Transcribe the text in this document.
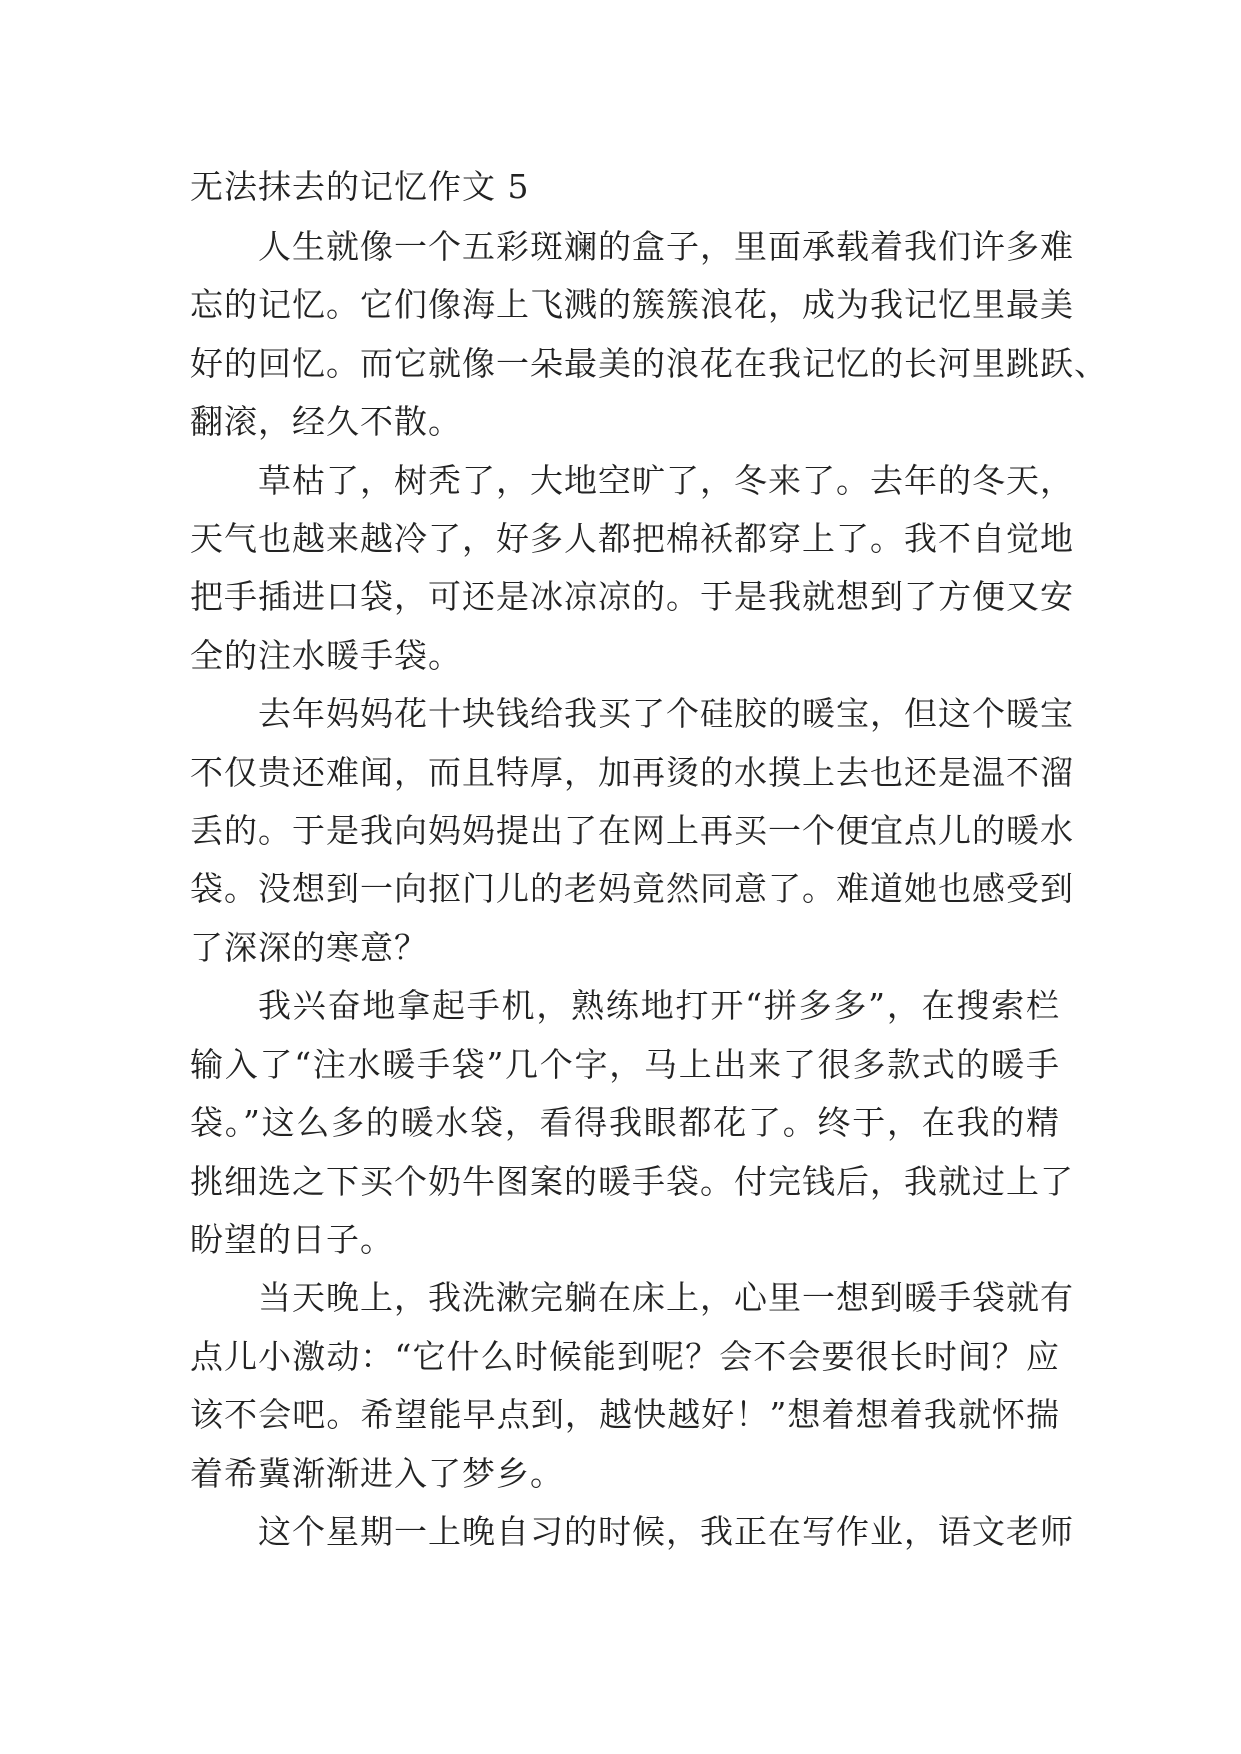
无法抹去的记忆作文 5
人生就像一个五彩斑斓的盒子，里面承载着我们许多难
忘的记忆。它们像海上飞溅的簇簇浪花，成为我记忆里最美
好的回忆。而它就像一朵最美的浪花在我记忆的长河里跳跃、
翻滚，经久不散。
草枯了，树秃了，大地空旷了，冬来了。去年的冬天，
天气也越来越冷了，好多人都把棉袄都穿上了。我不自觉地
把手插进口袋，可还是冰凉凉的。于是我就想到了方便又安
全的注水暖手袋。
去年妈妈花十块钱给我买了个硅胶的暖宝，但这个暖宝
不仅贵还难闻，而且特厚，加再烫的水摸上去也还是温不溜
丢的。于是我向妈妈提出了在网上再买一个便宜点儿的暖水
袋。没想到一向抠门儿的老妈竟然同意了。难道她也感受到
了深深的寒意？
我兴奋地拿起手机，熟练地打开“拼多多”，在搜索栏
输入了“注水暖手袋”几个字，马上出来了很多款式的暖手
袋。”这么多的暖水袋，看得我眼都花了。终于，在我的精
挑细选之下买个奶牛图案的暖手袋。付完钱后，我就过上了
盼望的日子。
当天晚上，我洗漱完躺在床上，心里一想到暖手袋就有
点儿小激动：“它什么时候能到呢？会不会要很长时间？应
该不会吧。希望能早点到，越快越好！”想着想着我就怀揣
着希冀渐渐进入了梦乡。
这个星期一上晚自习的时候，我正在写作业，语文老师
